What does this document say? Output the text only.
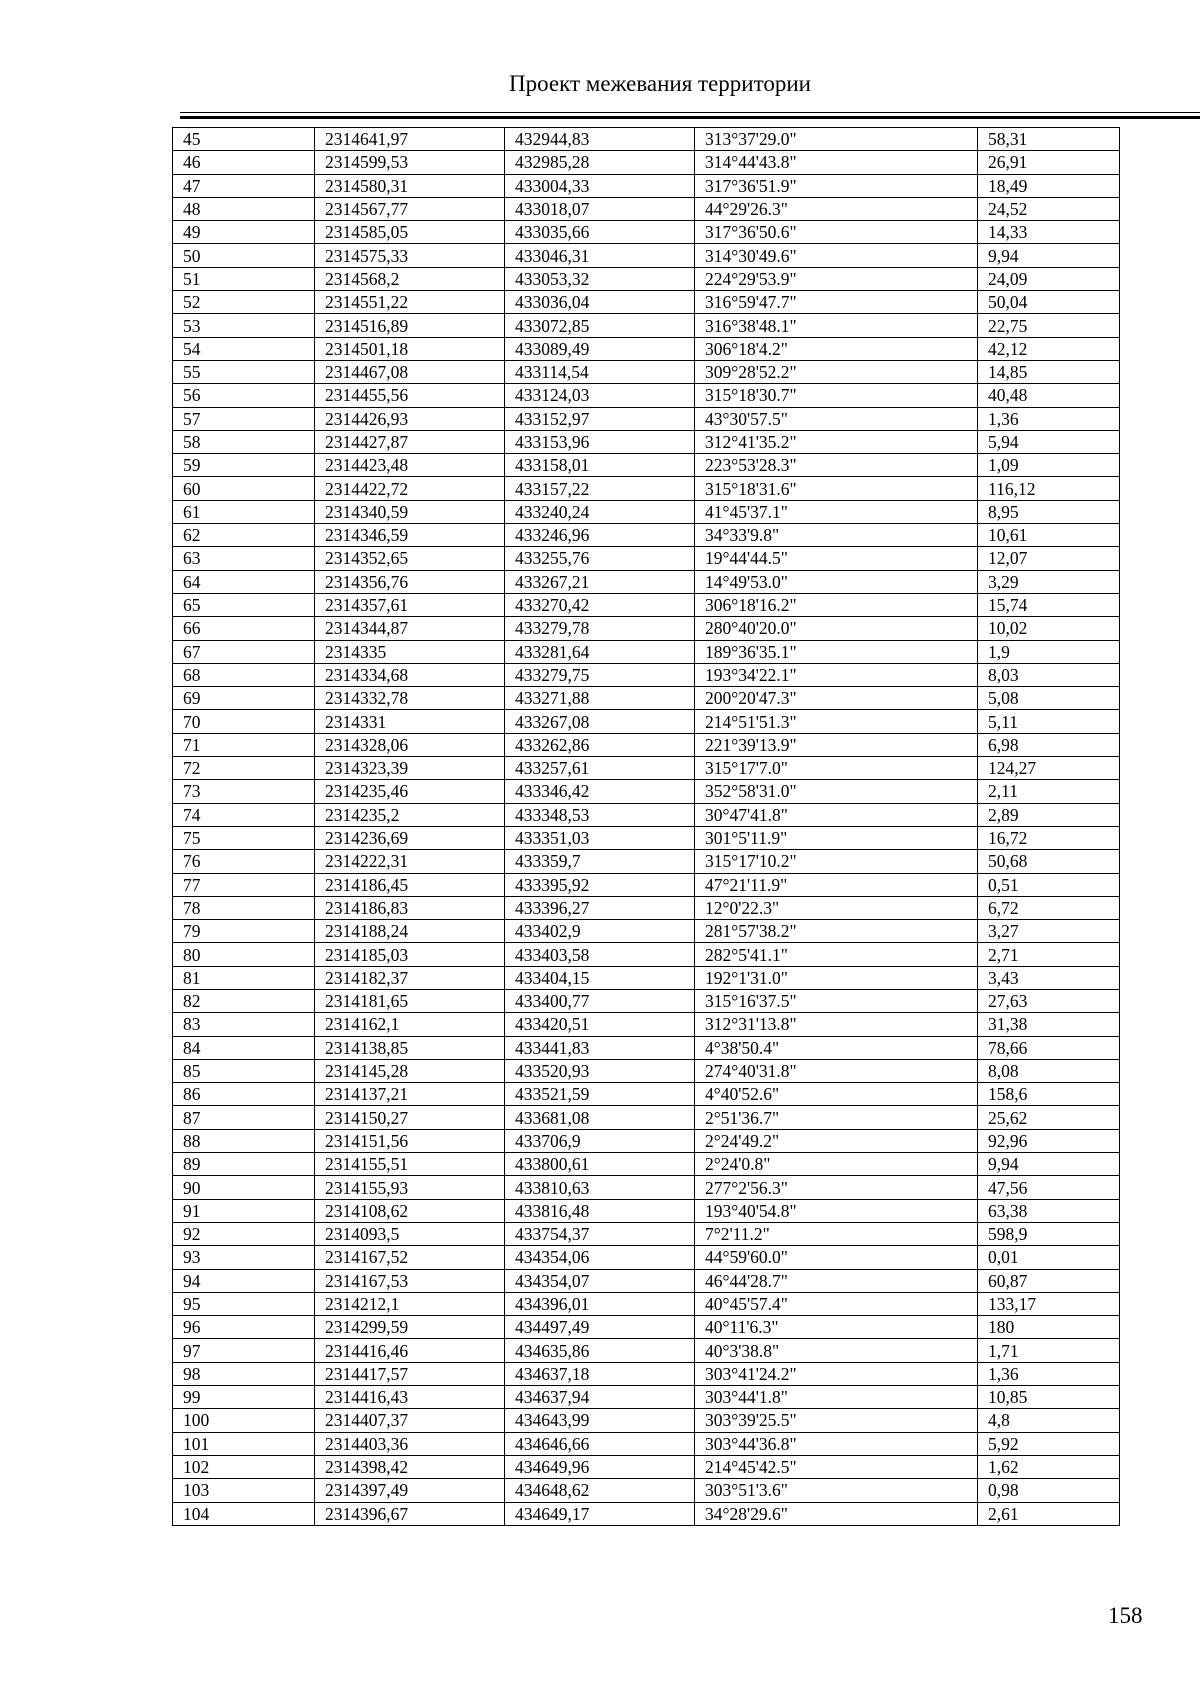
Проект межевания территории
45	2314641,97	432944,83	313°37'29.0"	58,31
46	2314599,53	432985,28	314°44'43.8"	26,91
47	2314580,31	433004,33	317°36'51.9"	18,49
48	2314567,77	433018,07	44°29'26.3"	24,52
49	2314585,05	433035,66	317°36'50.6"	14,33
50	2314575,33	433046,31	314°30'49.6"	9,94
51	2314568,2	433053,32	224°29'53.9"	24,09
52	2314551,22	433036,04	316°59'47.7"	50,04
53	2314516,89	433072,85	316°38'48.1"	22,75
54	2314501,18	433089,49	306°18'4.2"	42,12
55	2314467,08	433114,54	309°28'52.2"	14,85
56	2314455,56	433124,03	315°18'30.7"	40,48
57	2314426,93	433152,97	43°30'57.5"	1,36
58	2314427,87	433153,96	312°41'35.2"	5,94
59	2314423,48	433158,01	223°53'28.3"	1,09
60	2314422,72	433157,22	315°18'31.6"	116,12
61	2314340,59	433240,24	41°45'37.1"	8,95
62	2314346,59	433246,96	34°33'9.8"	10,61
63	2314352,65	433255,76	19°44'44.5"	12,07
64	2314356,76	433267,21	14°49'53.0"	3,29
65	2314357,61	433270,42	306°18'16.2"	15,74
66	2314344,87	433279,78	280°40'20.0"	10,02
67	2314335	433281,64	189°36'35.1"	1,9
68	2314334,68	433279,75	193°34'22.1"	8,03
69	2314332,78	433271,88	200°20'47.3"	5,08
70	2314331	433267,08	214°51'51.3"	5,11
71	2314328,06	433262,86	221°39'13.9"	6,98
72	2314323,39	433257,61	315°17'7.0"	124,27
73	2314235,46	433346,42	352°58'31.0"	2,11
74	2314235,2	433348,53	30°47'41.8"	2,89
75	2314236,69	433351,03	301°5'11.9"	16,72
76	2314222,31	433359,7	315°17'10.2"	50,68
77	2314186,45	433395,92	47°21'11.9"	0,51
78	2314186,83	433396,27	12°0'22.3"	6,72
79	2314188,24	433402,9	281°57'38.2"	3,27
80	2314185,03	433403,58	282°5'41.1"	2,71
81	2314182,37	433404,15	192°1'31.0"	3,43
82	2314181,65	433400,77	315°16'37.5"	27,63
83	2314162,1	433420,51	312°31'13.8"	31,38
84	2314138,85	433441,83	4°38'50.4"	78,66
85	2314145,28	433520,93	274°40'31.8"	8,08
86	2314137,21	433521,59	4°40'52.6"	158,6
87	2314150,27	433681,08	2°51'36.7"	25,62
88	2314151,56	433706,9	2°24'49.2"	92,96
89	2314155,51	433800,61	2°24'0.8"	9,94
90	2314155,93	433810,63	277°2'56.3"	47,56
91	2314108,62	433816,48	193°40'54.8"	63,38
92	2314093,5	433754,37	7°2'11.2"	598,9
93	2314167,52	434354,06	44°59'60.0"	0,01
94	2314167,53	434354,07	46°44'28.7"	60,87
95	2314212,1	434396,01	40°45'57.4"	133,17
96	2314299,59	434497,49	40°11'6.3"	180
97	2314416,46	434635,86	40°3'38.8"	1,71
98	2314417,57	434637,18	303°41'24.2"	1,36
99	2314416,43	434637,94	303°44'1.8"	10,85
100	2314407,37	434643,99	303°39'25.5"	4,8
101	2314403,36	434646,66	303°44'36.8"	5,92
102	2314398,42	434649,96	214°45'42.5"	1,62
103	2314397,49	434648,62	303°51'3.6"	0,98
104	2314396,67	434649,17	34°28'29.6"	2,61
158
